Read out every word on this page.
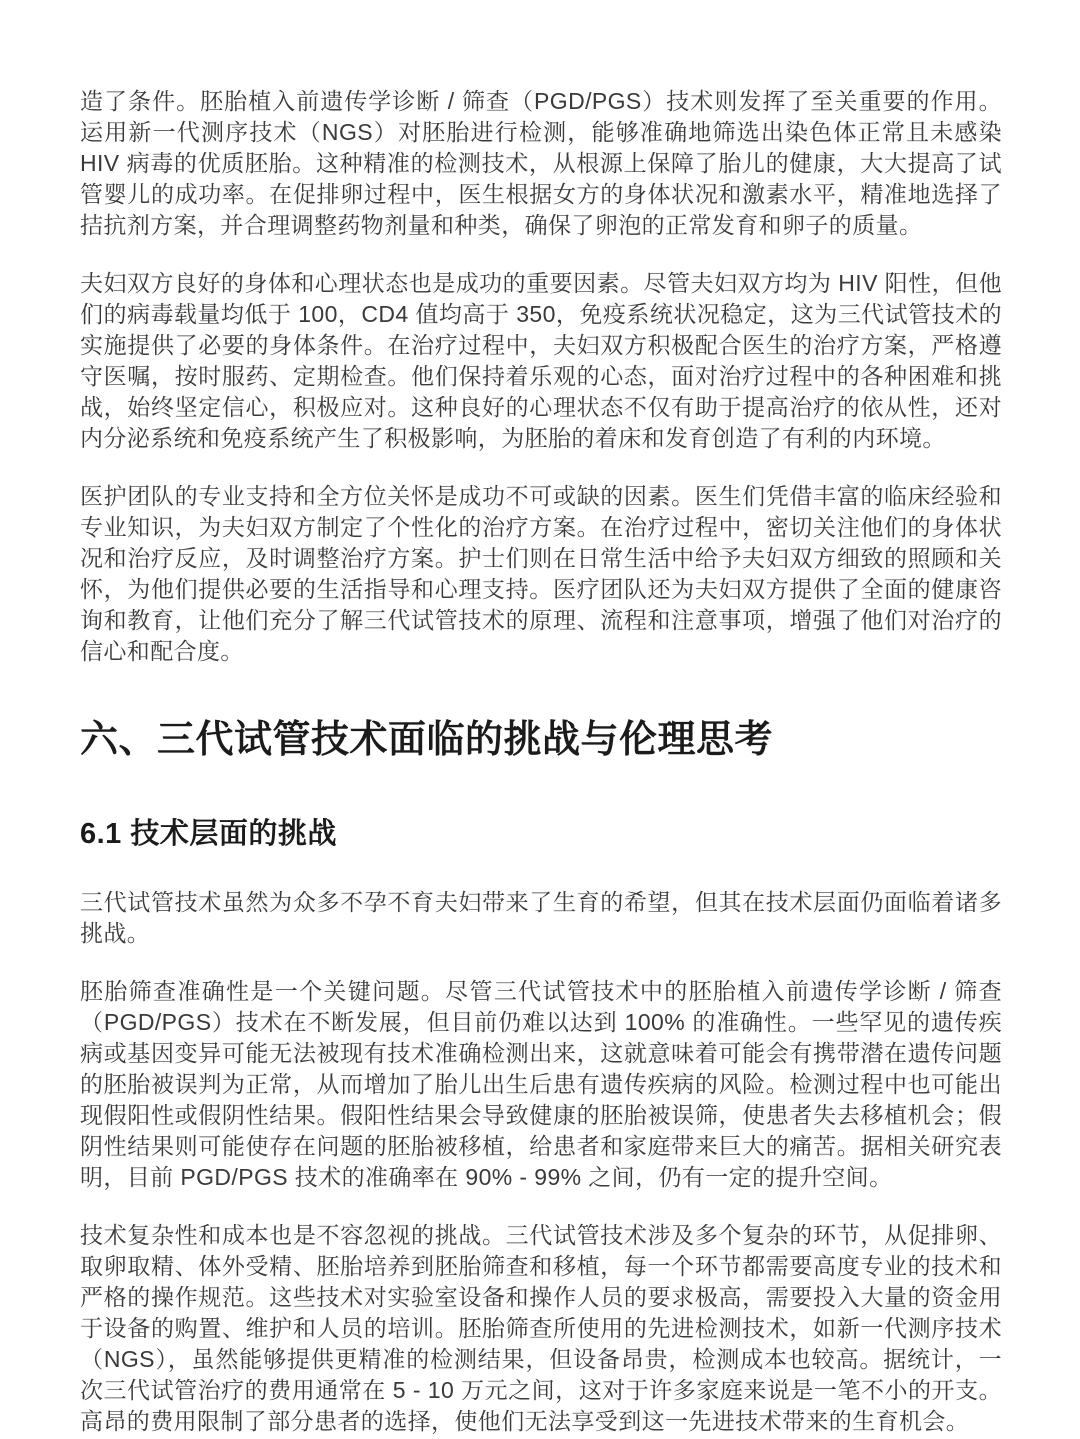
造了条件。胚胎植入前遗传学诊断 / 筛查（PGD/PGS）技术则发挥了至关重要的作用。运用新一代测序技术（NGS）对胚胎进行检测，能够准确地筛选出染色体正常且未感染 HIV 病毒的优质胚胎。这种精准的检测技术，从根源上保障了胎儿的健康，大大提高了试管婴儿的成功率。在促排卵过程中，医生根据女方的身体状况和激素水平，精准地选择了拮抗剂方案，并合理调整药物剂量和种类，确保了卵泡的正常发育和卵子的质量。

夫妇双方良好的身体和心理状态也是成功的重要因素。尽管夫妇双方均为 HIV 阳性，但他们的病毒载量均低于 100，CD4 值均高于 350，免疫系统状况稳定，这为三代试管技术的实施提供了必要的身体条件。在治疗过程中，夫妇双方积极配合医生的治疗方案，严格遵守医嘱，按时服药、定期检查。他们保持着乐观的心态，面对治疗过程中的各种困难和挑战，始终坚定信心，积极应对。这种良好的心理状态不仅有助于提高治疗的依从性，还对内分泌系统和免疫系统产生了积极影响，为胚胎的着床和发育创造了有利的内环境。

医护团队的专业支持和全方位关怀是成功不可或缺的因素。医生们凭借丰富的临床经验和专业知识，为夫妇双方制定了个性化的治疗方案。在治疗过程中，密切关注他们的身体状况和治疗反应，及时调整治疗方案。护士们则在日常生活中给予夫妇双方细致的照顾和关怀，为他们提供必要的生活指导和心理支持。医疗团队还为夫妇双方提供了全面的健康咨询和教育，让他们充分了解三代试管技术的原理、流程和注意事项，增强了他们对治疗的信心和配合度。

六、三代试管技术面临的挑战与伦理思考
6.1 技术层面的挑战

三代试管技术虽然为众多不孕不育夫妇带来了生育的希望，但其在技术层面仍面临着诸多挑战。

胚胎筛查准确性是一个关键问题。尽管三代试管技术中的胚胎植入前遗传学诊断 / 筛查（PGD/PGS）技术在不断发展，但目前仍难以达到 100% 的准确性。一些罕见的遗传疾病或基因变异可能无法被现有技术准确检测出来，这就意味着可能会有携带潜在遗传问题的胚胎被误判为正常，从而增加了胎儿出生后患有遗传疾病的风险。检测过程中也可能出现假阳性或假阴性结果。假阳性结果会导致健康的胚胎被误筛，使患者失去移植机会；假阴性结果则可能使存在问题的胚胎被移植，给患者和家庭带来巨大的痛苦。据相关研究表明，目前 PGD/PGS 技术的准确率在 90% - 99% 之间，仍有一定的提升空间。

技术复杂性和成本也是不容忽视的挑战。三代试管技术涉及多个复杂的环节，从促排卵、取卵取精、体外受精、胚胎培养到胚胎筛查和移植，每一个环节都需要高度专业的技术和严格的操作规范。这些技术对实验室设备和操作人员的要求极高，需要投入大量的资金用于设备的购置、维护和人员的培训。胚胎筛查所使用的先进检测技术，如新一代测序技术（NGS），虽然能够提供更精准的检测结果，但设备昂贵，检测成本也较高。据统计，一次三代试管治疗的费用通常在 5 - 10 万元之间，这对于许多家庭来说是一笔不小的开支。高昂的费用限制了部分患者的选择，使他们无法享受到这一先进技术带来的生育机会。
